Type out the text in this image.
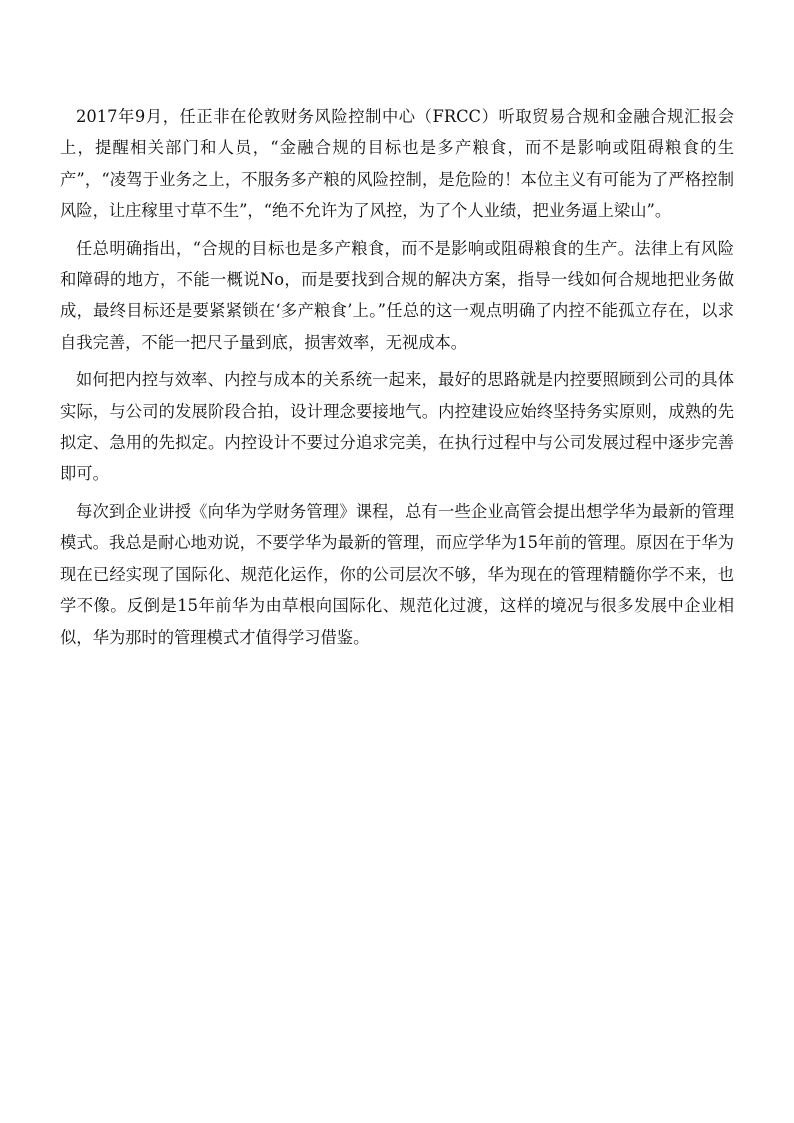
2017年9月，任正非在伦敦财务风险控制中心（FRCC）听取贸易合规和金融合规汇报会上，提醒相关部门和人员，“金融合规的目标也是多产粮食，而不是影响或阻碍粮食的生产”，“凌驾于业务之上，不服务多产粮的风险控制，是危险的！本位主义有可能为了严格控制风险，让庄稼里寸草不生”，“绝不允许为了风控，为了个人业绩，把业务逼上梁山”。

任总明确指出，“合规的目标也是多产粮食，而不是影响或阻碍粮食的生产。法律上有风险和障碍的地方，不能一概说No，而是要找到合规的解决方案，指导一线如何合规地把业务做成，最终目标还是要紧紧锁在‘多产粮食’上。”任总的这一观点明确了内控不能孤立存在，以求自我完善，不能一把尺子量到底，损害效率，无视成本。

如何把内控与效率、内控与成本的关系统一起来，最好的思路就是内控要照顾到公司的具体实际，与公司的发展阶段合拍，设计理念要接地气。内控建设应始终坚持务实原则，成熟的先拟定、急用的先拟定。内控设计不要过分追求完美，在执行过程中与公司发展过程中逐步完善即可。

每次到企业讲授《向华为学财务管理》课程，总有一些企业高管会提出想学华为最新的管理模式。我总是耐心地劝说，不要学华为最新的管理，而应学华为15年前的管理。原因在于华为现在已经实现了国际化、规范化运作，你的公司层次不够，华为现在的管理精髓你学不来，也学不像。反倒是15年前华为由草根向国际化、规范化过渡，这样的境况与很多发展中企业相似，华为那时的管理模式才值得学习借鉴。
